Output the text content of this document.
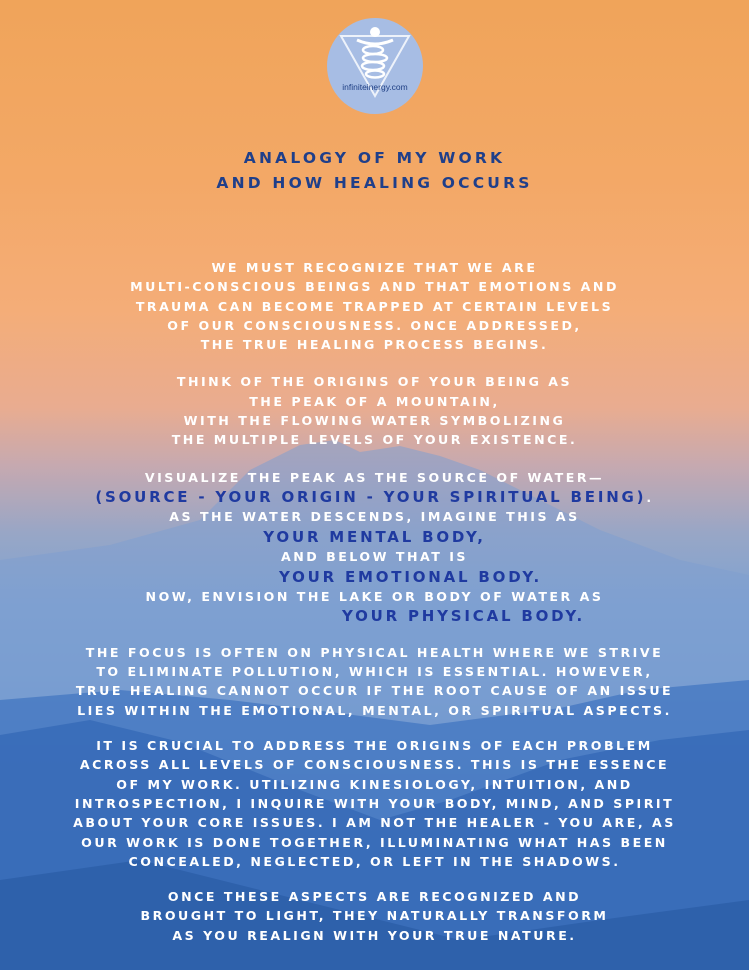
infiniteinergy.com
ANALOGY OF MY WORK
AND HOW HEALING OCCURS

WE MUST RECOGNIZE THAT WE ARE
MULTI-CONSCIOUS BEINGS AND THAT EMOTIONS AND
TRAUMA CAN BECOME TRAPPED AT CERTAIN LEVELS
OF OUR CONSCIOUSNESS. ONCE ADDRESSED,
THE TRUE HEALING PROCESS BEGINS.

THINK OF THE ORIGINS OF YOUR BEING AS
THE PEAK OF A MOUNTAIN,
WITH THE FLOWING WATER SYMBOLIZING
THE MULTIPLE LEVELS OF YOUR EXISTENCE.

VISUALIZE THE PEAK AS THE SOURCE OF WATER—
(SOURCE - YOUR ORIGIN - YOUR SPIRITUAL BEING).
AS THE WATER DESCENDS, IMAGINE THIS AS
YOUR MENTAL BODY,
AND BELOW THAT IS
YOUR EMOTIONAL BODY.
NOW, ENVISION THE LAKE OR BODY OF WATER AS
YOUR PHYSICAL BODY.

THE FOCUS IS OFTEN ON PHYSICAL HEALTH WHERE WE STRIVE
TO ELIMINATE POLLUTION, WHICH IS ESSENTIAL. HOWEVER,
TRUE HEALING CANNOT OCCUR IF THE ROOT CAUSE OF AN ISSUE
LIES WITHIN THE EMOTIONAL, MENTAL, OR SPIRITUAL ASPECTS.

IT IS CRUCIAL TO ADDRESS THE ORIGINS OF EACH PROBLEM
ACROSS ALL LEVELS OF CONSCIOUSNESS. THIS IS THE ESSENCE
OF MY WORK. UTILIZING KINESIOLOGY, INTUITION, AND
INTROSPECTION, I INQUIRE WITH YOUR BODY, MIND, AND SPIRIT
ABOUT YOUR CORE ISSUES. I AM NOT THE HEALER - YOU ARE, AS
OUR WORK IS DONE TOGETHER, ILLUMINATING WHAT HAS BEEN
CONCEALED, NEGLECTED, OR LEFT IN THE SHADOWS.

ONCE THESE ASPECTS ARE RECOGNIZED AND
BROUGHT TO LIGHT, THEY NATURALLY TRANSFORM
AS YOU REALIGN WITH YOUR TRUE NATURE.
